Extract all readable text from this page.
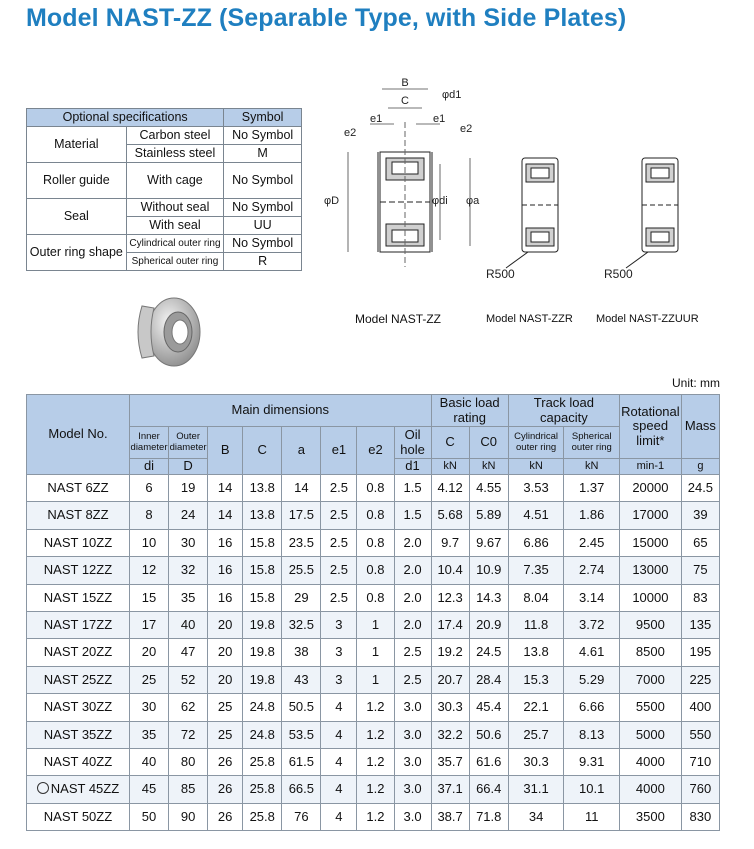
Model NAST-ZZ (Separable Type, with Side Plates)
Optional specifications		Symbol
Material	Carbon steel	No Symbol
	Stainless steel	M
Roller guide	With cage	No Symbol
Seal	Without seal	No Symbol
	With seal	UU
Outer ring shape	Cylindrical outer ring	No Symbol
	Spherical outer ring	R
B
C	φd1
e1	e1
e2	e2
φD	φdi φa
R500	R500
Model NAST-ZZ	Model NAST-ZZR Model NAST-ZZUUR
Unit: mm
Model No.	Main dimensions								Basic load rating		Track load capacity		Rotational speed limit*	Mass
	Inner diameter	Outer diameter	B	C	a	e1	e2	Oil hole	C	C0	Cylindrical outer ring	Spherical outer ring		
	di	D						d1	kN	kN	kN	kN	min-1	g
NAST 6ZZ	6	19	14	13.8	14	2.5	0.8	1.5	4.12	4.55	3.53	1.37	20000	24.5
NAST 8ZZ	8	24	14	13.8	17.5	2.5	0.8	1.5	5.68	5.89	4.51	1.86	17000	39
NAST 10ZZ	10	30	16	15.8	23.5	2.5	0.8	2.0	9.7	9.67	6.86	2.45	15000	65
NAST 12ZZ	12	32	16	15.8	25.5	2.5	0.8	2.0	10.4	10.9	7.35	2.74	13000	75
NAST 15ZZ	15	35	16	15.8	29	2.5	0.8	2.0	12.3	14.3	8.04	3.14	10000	83
NAST 17ZZ	17	40	20	19.8	32.5	3	1	2.0	17.4	20.9	11.8	3.72	9500	135
NAST 20ZZ	20	47	20	19.8	38	3	1	2.5	19.2	24.5	13.8	4.61	8500	195
NAST 25ZZ	25	52	20	19.8	43	3	1	2.5	20.7	28.4	15.3	5.29	7000	225
NAST 30ZZ	30	62	25	24.8	50.5	4	1.2	3.0	30.3	45.4	22.1	6.66	5500	400
NAST 35ZZ	35	72	25	24.8	53.5	4	1.2	3.0	32.2	50.6	25.7	8.13	5000	550
NAST 40ZZ	40	80	26	25.8	61.5	4	1.2	3.0	35.7	61.6	30.3	9.31	4000	710
NAST 45ZZ	45	85	26	25.8	66.5	4	1.2	3.0	37.1	66.4	31.1	10.1	4000	760
NAST 50ZZ	50	90	26	25.8	76	4	1.2	3.0	38.7	71.8	34	11	3500	830
